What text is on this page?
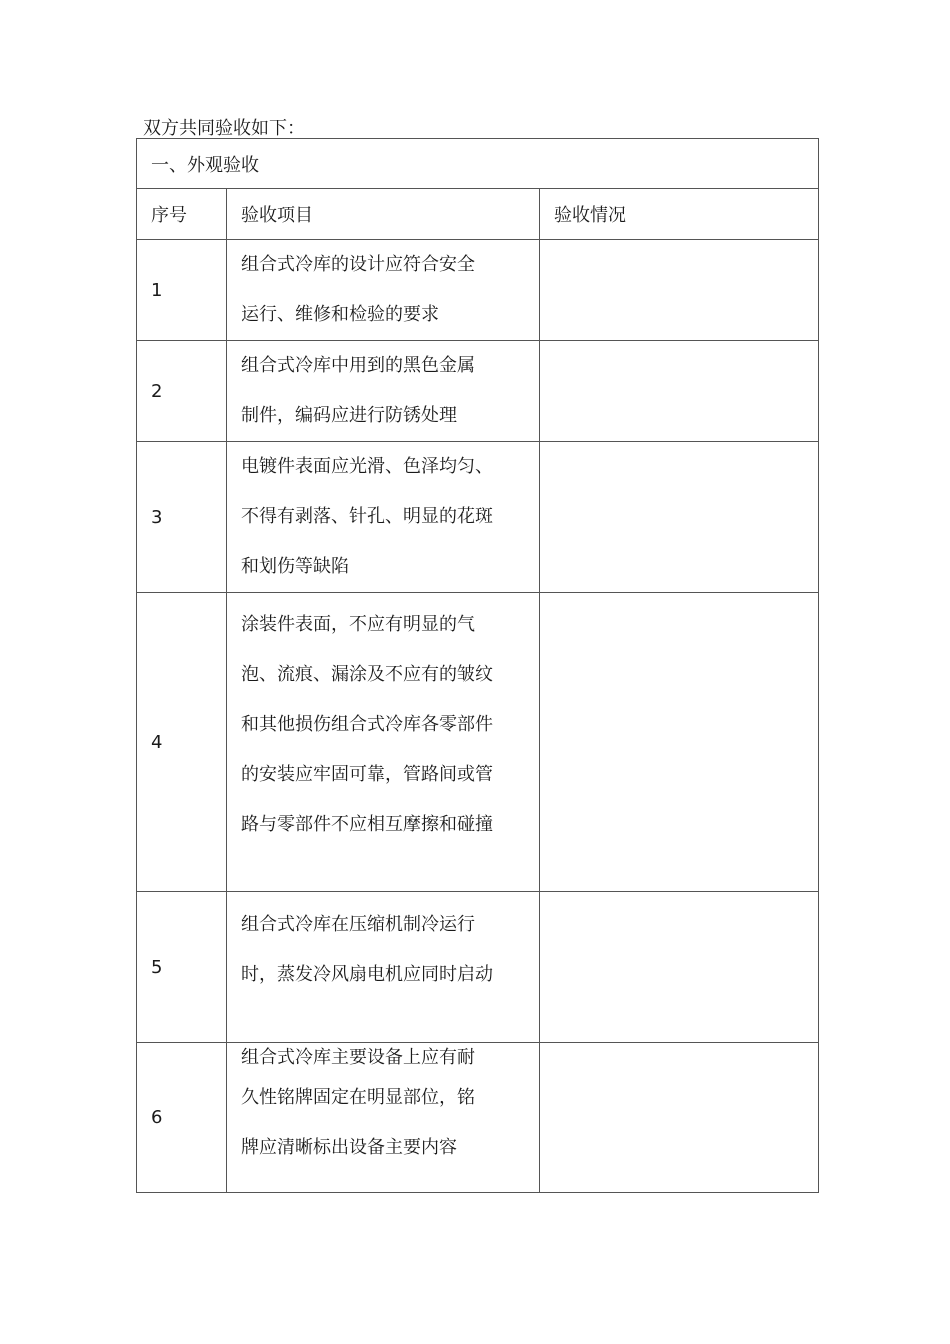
双方共同验收如下：
一、外观验收		
序号	验收项目	验收情况
1	组合式冷库的设计应符合安全
运行、维修和检验的要求	

2	组合式冷库中用到的黑色金属
制件，编码应进行防锈处理	

3	电镀件表面应光滑、色泽均匀、
不得有剥落、针孔、明显的花斑
和划伤等缺陷	

4	涂装件表面，不应有明显的气
泡、流痕、漏涂及不应有的皱纹
和其他损伤组合式冷库各零部件
的安装应牢固可靠，管路间或管
路与零部件不应相互摩擦和碰撞	

5	组合式冷库在压缩机制冷运行
时，蒸发冷风扇电机应同时启动	

6	组合式冷库主要设备上应有耐
久性铭牌固定在明显部位，铭
牌应清晰标出设备主要内容	
